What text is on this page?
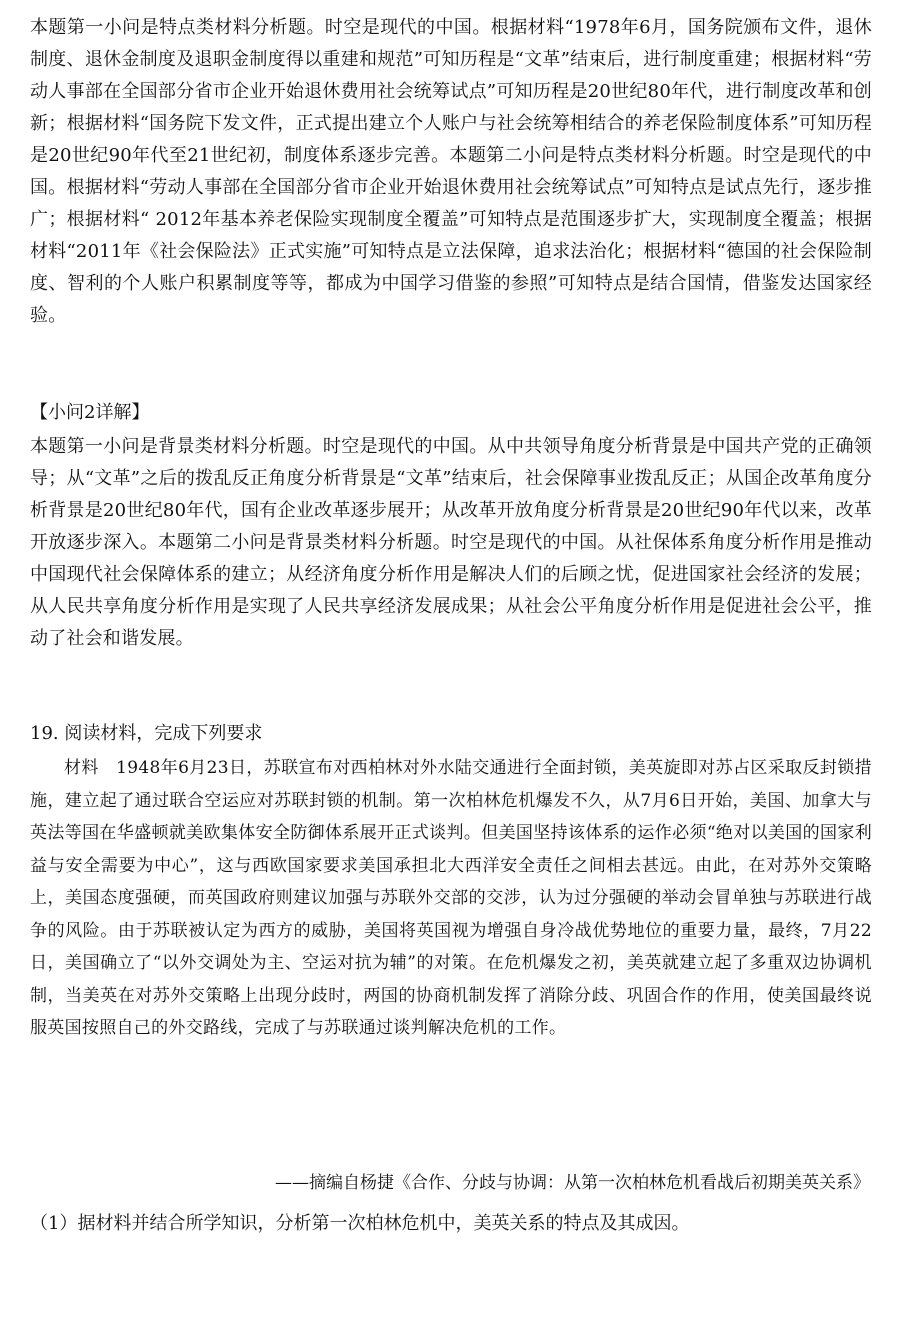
本题第一小问是特点类材料分析题。时空是现代的中国。根据材料“1978年6月，国务院颁布文件，退休制度、退休金制度及退职金制度得以重建和规范”可知历程是“文革”结束后，进行制度重建；根据材料“劳动人事部在全国部分省市企业开始退休费用社会统筹试点”可知历程是20世纪80年代，进行制度改革和创新；根据材料“国务院下发文件，正式提出建立个人账户与社会统筹相结合的养老保险制度体系”可知历程是20世纪90年代至21世纪初，制度体系逐步完善。本题第二小问是特点类材料分析题。时空是现代的中国。根据材料“劳动人事部在全国部分省市企业开始退休费用社会统筹试点”可知特点是试点先行，逐步推广；根据材料“ 2012年基本养老保险实现制度全覆盖”可知特点是范围逐步扩大，实现制度全覆盖；根据材料“2011年《社会保险法》正式实施”可知特点是立法保障，追求法治化；根据材料“德国的社会保险制度、智利的个人账户积累制度等等，都成为中国学习借鉴的参照”可知特点是结合国情，借鉴发达国家经验。

【小问2详解】

本题第一小问是背景类材料分析题。时空是现代的中国。从中共领导角度分析背景是中国共产党的正确领导；从“文革”之后的拨乱反正角度分析背景是“文革”结束后，社会保障事业拨乱反正；从国企改革角度分析背景是20世纪80年代，国有企业改革逐步展开；从改革开放角度分析背景是20世纪90年代以来，改革开放逐步深入。本题第二小问是背景类材料分析题。时空是现代的中国。从社保体系角度分析作用是推动中国现代社会保障体系的建立；从经济角度分析作用是解决人们的后顾之忧，促进国家社会经济的发展；从人民共享角度分析作用是实现了人民共享经济发展成果；从社会公平角度分析作用是促进社会公平，推动了社会和谐发展。

19. 阅读材料，完成下列要求

材料　1948年6月23日，苏联宣布对西柏林对外水陆交通进行全面封锁，美英旋即对苏占区采取反封锁措施，建立起了通过联合空运应对苏联封锁的机制。第一次柏林危机爆发不久，从7月6日开始，美国、加拿大与英法等国在华盛顿就美欧集体安全防御体系展开正式谈判。但美国坚持该体系的运作必须“绝对以美国的国家利益与安全需要为中心”，这与西欧国家要求美国承担北大西洋安全责任之间相去甚远。由此，在对苏外交策略上，美国态度强硬，而英国政府则建议加强与苏联外交部的交涉，认为过分强硬的举动会冒单独与苏联进行战争的风险。由于苏联被认定为西方的威胁，美国将英国视为增强自身冷战优势地位的重要力量，最终，7月22日，美国确立了“以外交调处为主、空运对抗为辅”的对策。在危机爆发之初，美英就建立起了多重双边协调机制，当美英在对苏外交策略上出现分歧时，两国的协商机制发挥了消除分歧、巩固合作的作用，使美国最终说服英国按照自己的外交路线，完成了与苏联通过谈判解决危机的工作。

——摘编自杨捷《合作、分歧与协调：从第一次柏林危机看战后初期美英关系》

（1）据材料并结合所学知识，分析第一次柏林危机中，美英关系的特点及其成因。
